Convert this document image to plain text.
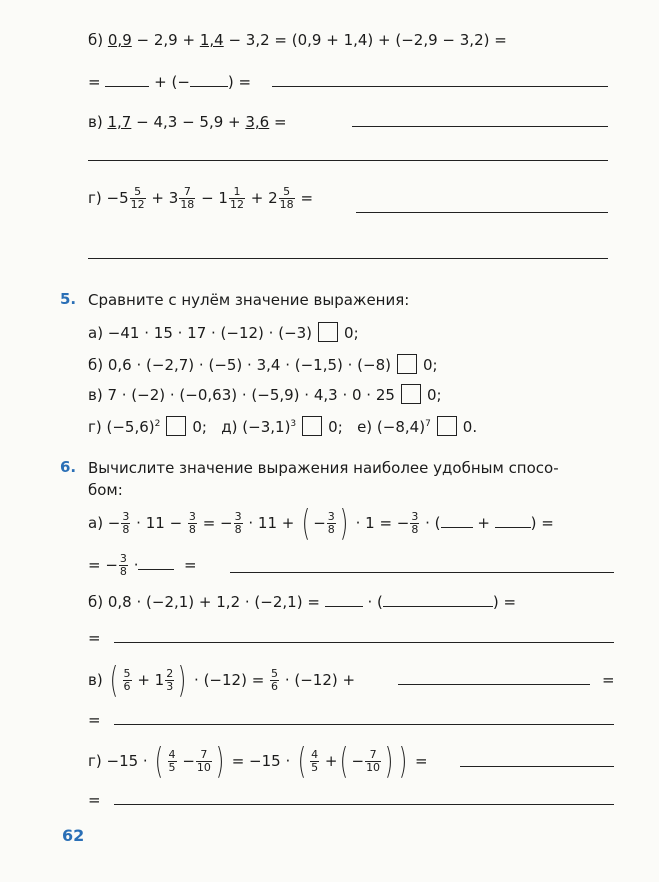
б) 0,9 − 2,9 + 1,4 − 3,2 = (0,9 + 1,4) + (−2,9 − 3,2) =
=	+ (−	) =
в) 1,7 − 4,3 − 5,9 + 3,6 =
$г) -5 \frac{5}{12} + 3 \frac{7}{18} - 1 \frac{1}{12} + 2 \frac{5}{18}$ =
5. Сравните с нулём значение выражения:
а) −41 · 15 · 17 · (−12) · (−3) 0;
б) 0,6 · (−2,7) · (−5) · 3,4 · (−1,5) · (−8) 0;
в) 7 · (−2) · (−0,63) · (−5,9) · 4,3 · 0 · 25 0;
г) $(-5,6)^2$ 0; д) $(-3,1)^3$ 0; е) $(-8,4)^7$ 0.
6. Вычислите значение выражения наиболее удобным спосо-
бом:
$а) - \frac{3}{8} \cdot 11 - \frac{3}{8}$ = − $\frac{3}{8} \cdot 11$ + ( − $\frac{3}{8}$ ) · 1 = − $\frac{3}{8}$ · ( +	) =
= − $\frac{3}{8}$ ·	=
б) 0,8 · (−2,1) + 1,2 · (−2,1) =	· (	) =
=
в) ( $\frac{5}{6} + 1 \frac{2}{3}$ ) · $(-12) = \frac{5}{6} \cdot (-12)$ +	=
=
г) −15 · ( $\frac{4}{5} - \frac{7}{10}$ ) = −15 · ( $\frac{4}{5}$ +( − $\frac{7}{10}$ ) ) =
=
62
